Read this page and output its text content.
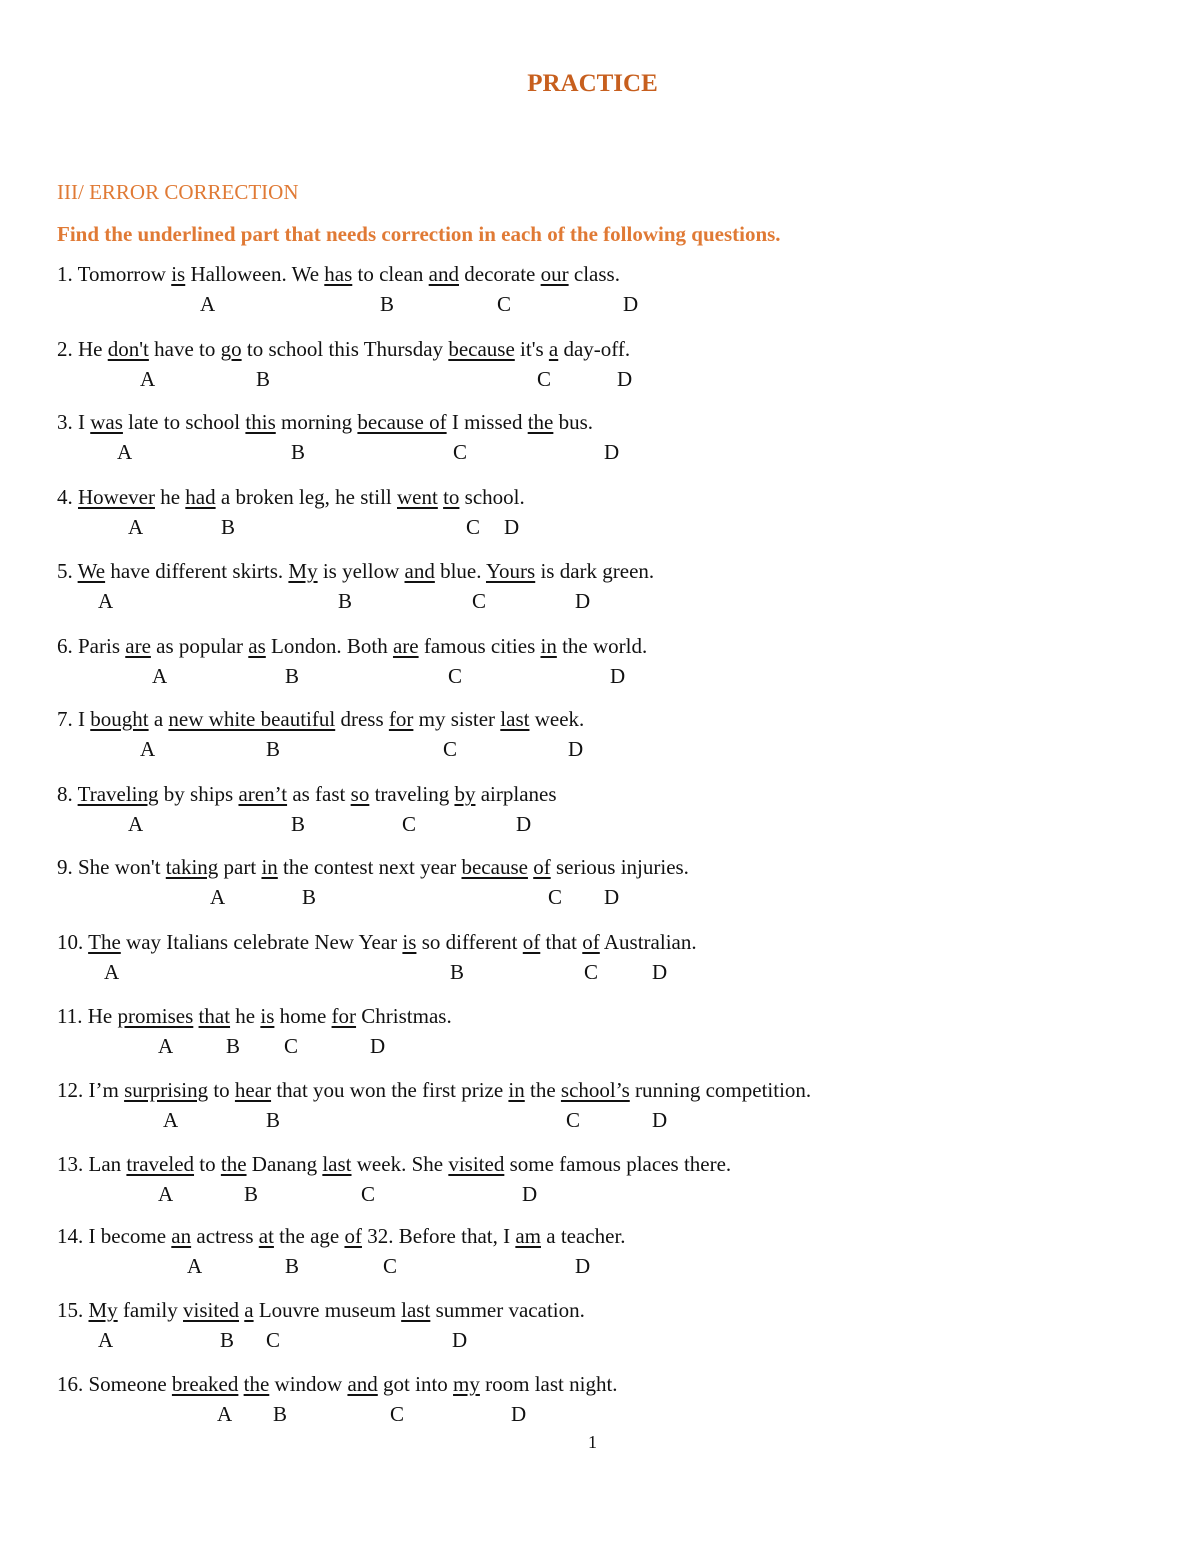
PRACTICE
III/ ERROR CORRECTION
Find the underlined part that needs correction in each of the following questions.
1. Tomorrow is Halloween. We has to clean and decorate our class.
A	B	C	D
2. He don't have to go to school this Thursday because it's a day-off.
A	B	C	D
3. I was late to school this morning because of I missed the bus.
A	B	C	D
4. However he had a broken leg, he still went to school.
A	B	C D
5. We have different skirts. My is yellow and blue. Yours is dark green.
A	B	C	D
6. Paris are as popular as London. Both are famous cities in the world.
A	B	C	D
7. I bought a new white beautiful dress for my sister last week.
A	B	C	D
8. Traveling by ships aren’t as fast so traveling by airplanes
A	B	C	D
9. She won't taking part in the contest next year because of serious injuries.
A	B	C D
10. The way Italians celebrate New Year is so different of that of Australian.
A	B	C	D
11. He promises that he is home for Christmas.
A	B C	D
12. I’m surprising to hear that you won the first prize in the school’s running competition.
A	B	C	D
13. Lan traveled to the Danang last week. She visited some famous places there.
A	B	C	D
14. I become an actress at the age of 32. Before that, I am a teacher.
A	B	C	D
15. My family visited a Louvre museum last summer vacation.
A	B C	D
16. Someone breaked the window and got into my room last night.
A B	C	D
1
